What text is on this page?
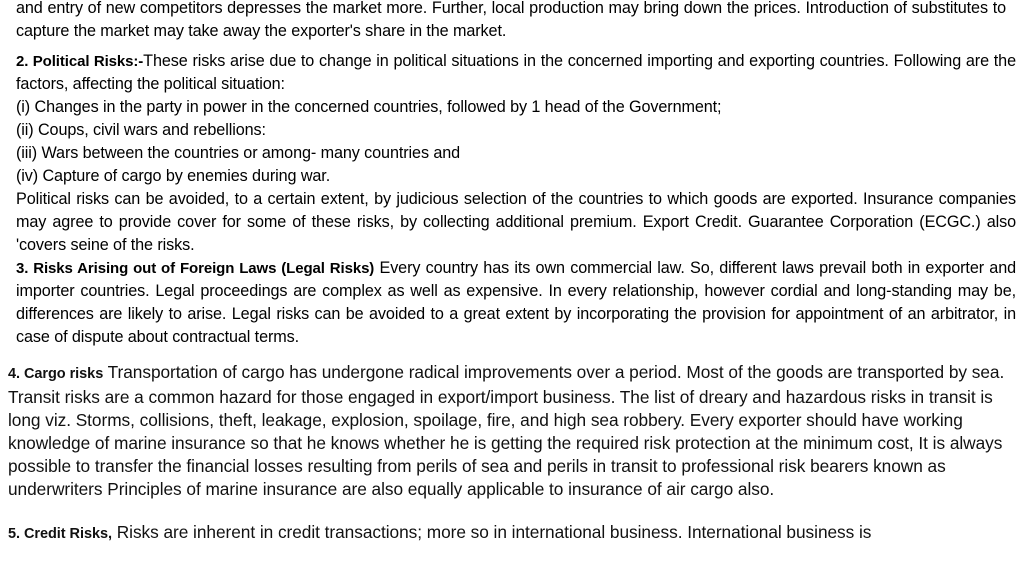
and entry of new competitors depresses the market more. Further, local production may bring down the prices. Introduction of substitutes to capture the market may take away the exporter's share in the market.

2. Political Risks:-These risks arise due to change in political situations in the concerned importing and exporting countries. Following are the factors, affecting the political situation:
(i) Changes in the party in power in the concerned countries, followed by 1 head of the Government;
(ii) Coups, civil wars and rebellions:
(iii) Wars between the countries or among- many countries and
(iv) Capture of cargo by enemies during war.
Political risks can be avoided, to a certain extent, by judicious selection of the countries to which goods are exported. Insurance companies may agree to provide cover for some of these risks, by collecting additional premium. Export Credit. Guarantee Corporation (ECGC.) also 'covers seine of the risks.

3. Risks Arising out of Foreign Laws (Legal Risks) Every country has its own commercial law. So, different laws prevail both in exporter and importer countries. Legal proceedings are complex as well as expensive. In every relationship, however cordial and long-standing may be, differences are likely to arise. Legal risks can be avoided to a great extent by incorporating the provision for appointment of an arbitrator, in case of dispute about contractual terms.

4. Cargo risks Transportation of cargo has undergone radical improvements over a period. Most of the goods are transported by sea. Transit risks are a common hazard for those engaged in export/import business. The list of dreary and hazardous risks in transit is long viz. Storms, collisions, theft, leakage, explosion, spoilage, fire, and high sea robbery. Every exporter should have working knowledge of marine insurance so that he knows whether he is getting the required risk protection at the minimum cost, It is always possible to transfer the financial losses resulting from perils of sea and perils in transit to professional risk bearers known as underwriters Principles of marine insurance are also equally applicable to insurance of air cargo also.

5. Credit Risks, Risks are inherent in credit transactions; more so in international business. International business is
